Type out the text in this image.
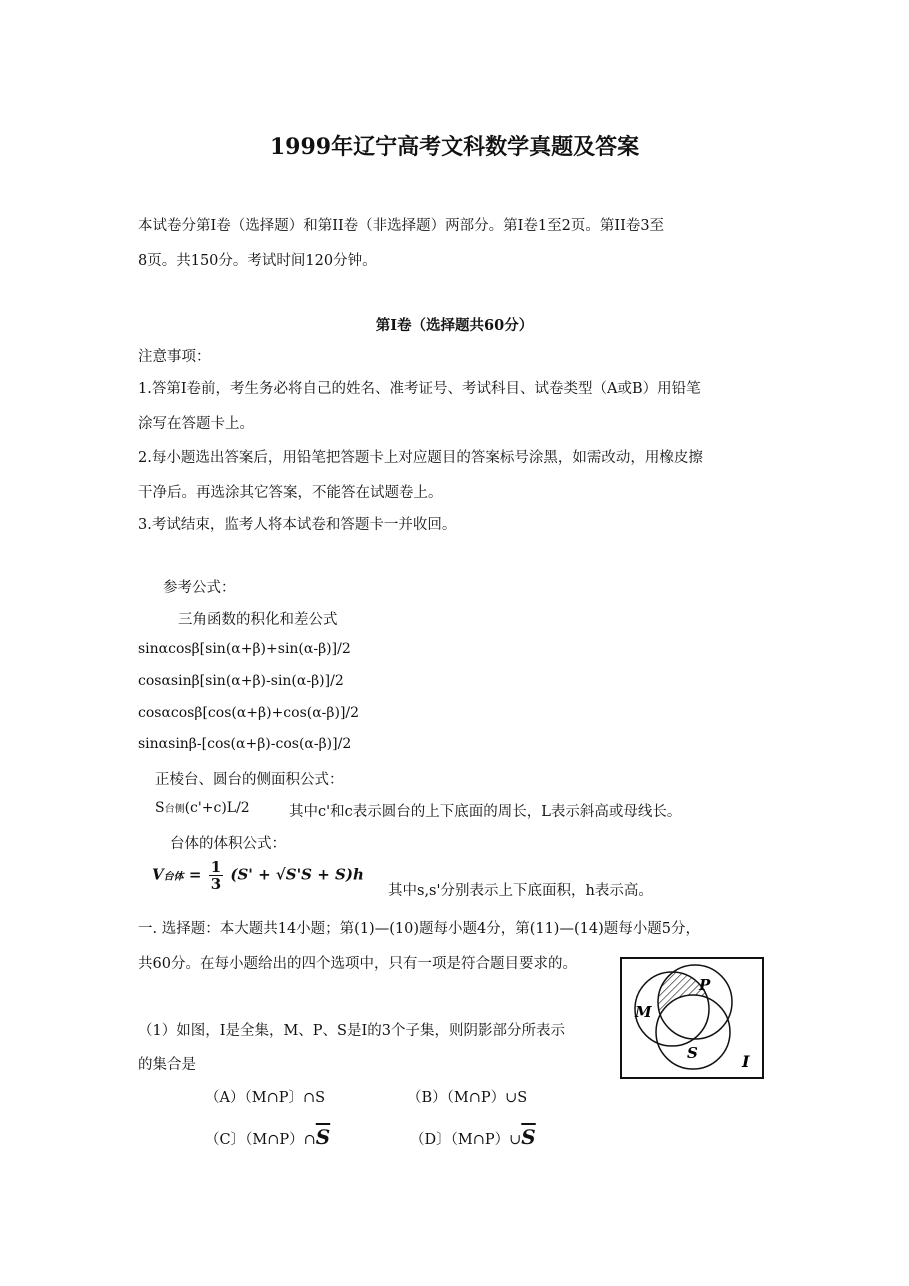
1999年辽宁高考文科数学真题及答案
本试卷分第Ⅰ卷（选择题）和第II卷（非选择题）两部分。第Ⅰ卷1至2页。第II卷3至
8页。共150分。考试时间120分钟。
第Ⅰ卷（选择题共60分）
注意事项：
1.答第Ⅰ卷前，考生务必将自己的姓名、准考证号、考试科目、试卷类型（A或B）用铅笔
涂写在答题卡上。
2.每小题选出答案后，用铅笔把答题卡上对应题目的答案标号涂黑，如需改动，用橡皮擦
干净后。再选涂其它答案，不能答在试题卷上。
3.考试结束，监考人将本试卷和答题卡一并收回。
参考公式：
三角函数的积化和差公式
sinαcosβ[sin(α+β)+sin(α-β)]/2
cosαsinβ[sin(α+β)-sin(α-β)]/2
cosαcosβ[cos(α+β)+cos(α-β)]/2
sinαsinβ-[cos(α+β)-cos(α-β)]/2
正棱台、圆台的侧面积公式：
S台侧(c'+c)L/2	其中c'和c表示圆台的上下底面的周长，L表示斜高或母线长。
台体的体积公式：
V台体 = $\frac{1}{3} (S' + √S'S + S)h$
其中s,s'分别表示上下底面积，h表示高。
一. 选择题：本大题共14小题；第(1)—(10)题每小题4分，第(11)—(14)题每小题5分，
共60分。在每小题给出的四个选项中，只有一项是符合题目要求的。
（1）如图，I是全集，M、P、S是I的3个子集，则阴影部分所表示
的集合是
（A）（M∩P〕∩S	（B）（M∩P）∪S
（C〕$(M\cap P)\cap\overline{S}$	（D〕$(M\cap P)\cup\overline{S}$
M
P
S	I
